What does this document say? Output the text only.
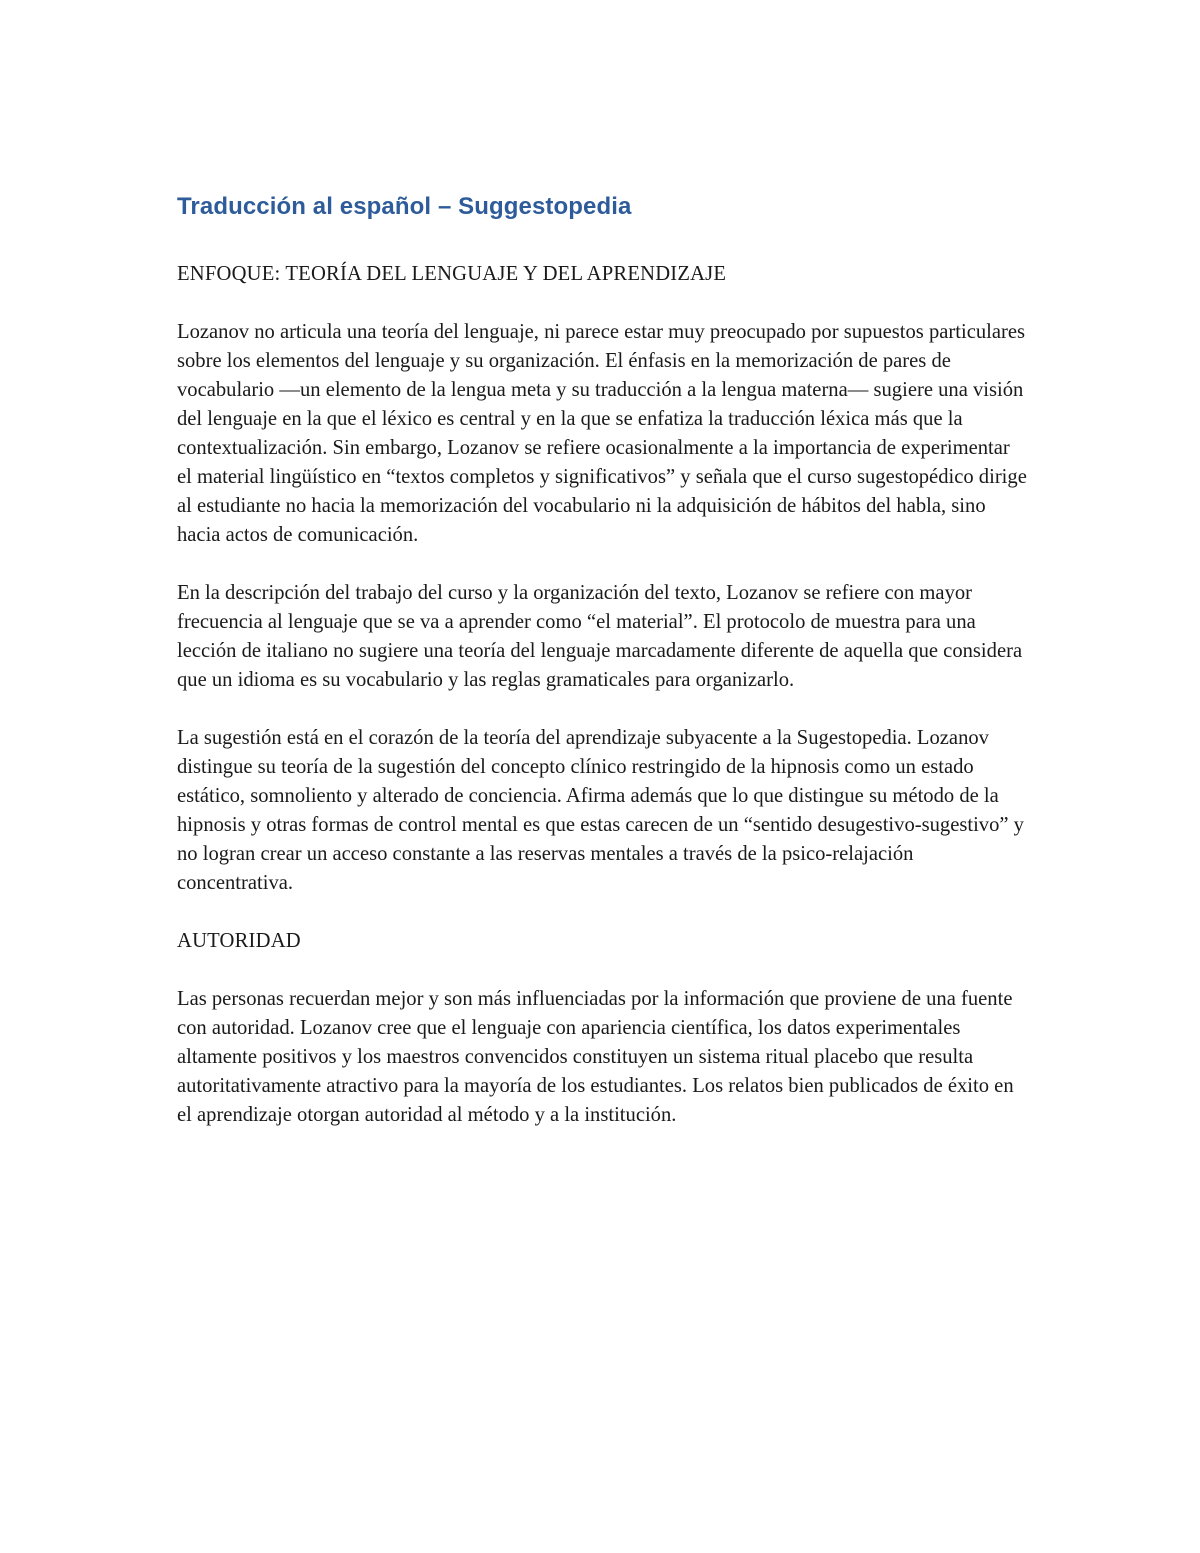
Traducción al español – Suggestopedia

ENFOQUE: TEORÍA DEL LENGUAJE Y DEL APRENDIZAJE

Lozanov no articula una teoría del lenguaje, ni parece estar muy preocupado por supuestos particulares sobre los elementos del lenguaje y su organización. El énfasis en la memorización de pares de vocabulario —un elemento de la lengua meta y su traducción a la lengua materna— sugiere una visión del lenguaje en la que el léxico es central y en la que se enfatiza la traducción léxica más que la contextualización. Sin embargo, Lozanov se refiere ocasionalmente a la importancia de experimentar el material lingüístico en “textos completos y significativos” y señala que el curso sugestopédico dirige al estudiante no hacia la memorización del vocabulario ni la adquisición de hábitos del habla, sino hacia actos de comunicación.

En la descripción del trabajo del curso y la organización del texto, Lozanov se refiere con mayor frecuencia al lenguaje que se va a aprender como “el material”. El protocolo de muestra para una lección de italiano no sugiere una teoría del lenguaje marcadamente diferente de aquella que considera que un idioma es su vocabulario y las reglas gramaticales para organizarlo.

La sugestión está en el corazón de la teoría del aprendizaje subyacente a la Sugestopedia. Lozanov distingue su teoría de la sugestión del concepto clínico restringido de la hipnosis como un estado estático, somnoliento y alterado de conciencia. Afirma además que lo que distingue su método de la hipnosis y otras formas de control mental es que estas carecen de un “sentido desugestivo-sugestivo” y no logran crear un acceso constante a las reservas mentales a través de la psico-relajación concentrativa.

AUTORIDAD

Las personas recuerdan mejor y son más influenciadas por la información que proviene de una fuente con autoridad. Lozanov cree que el lenguaje con apariencia científica, los datos experimentales altamente positivos y los maestros convencidos constituyen un sistema ritual placebo que resulta autoritativamente atractivo para la mayoría de los estudiantes. Los relatos bien publicados de éxito en el aprendizaje otorgan autoridad al método y a la institución.
